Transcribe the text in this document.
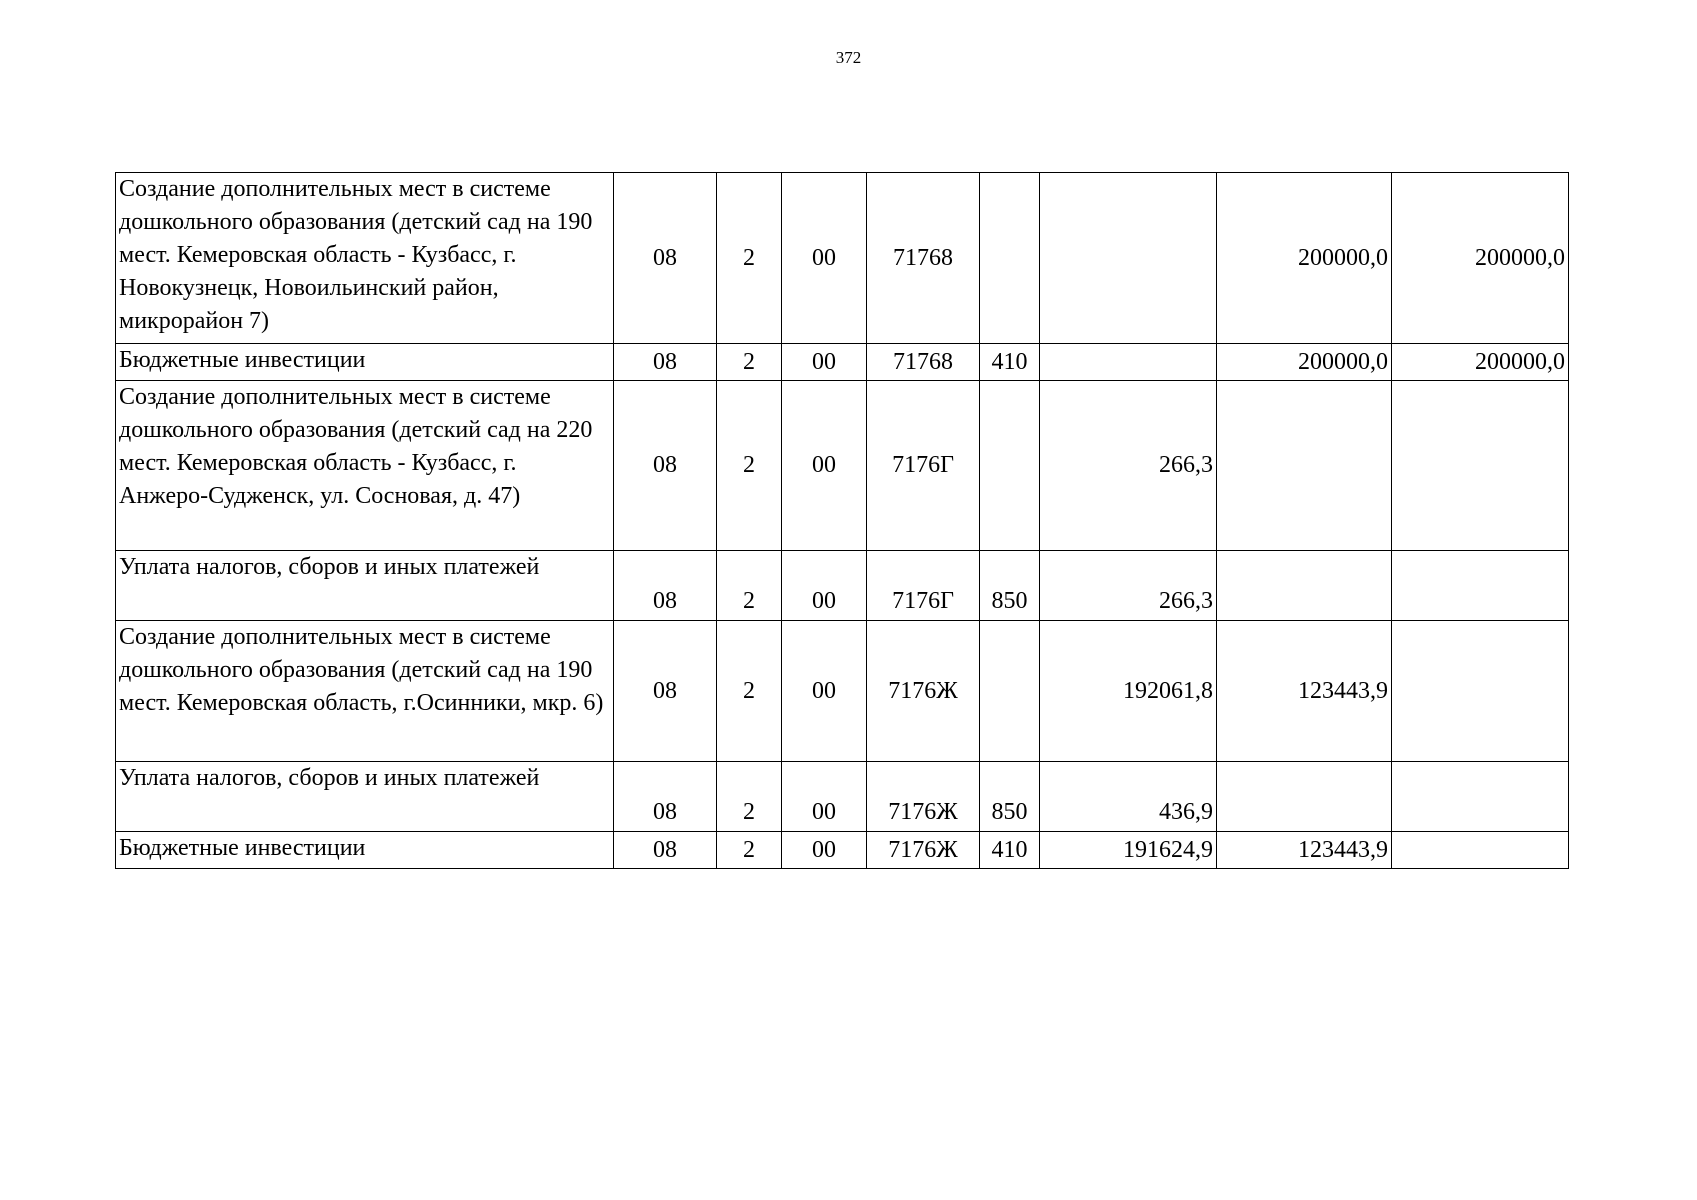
372
Создание дополнительных мест в системе дошкольного образования (детский сад на 190 мест. Кемеровская область - Кузбасс, г. Новокузнецк, Новоильинский район, микрорайон 7)	08	2	00	71768			200000,0	200000,0
Бюджетные инвестиции	08	2	00	71768	410		200000,0	200000,0
Создание дополнительных мест в системе дошкольного образования (детский сад на 220 мест. Кемеровская область - Кузбасс, г. Анжеро-Судженск, ул. Сосновая, д. 47)	08	2	00	7176Г		266,3		
Уплата налогов, сборов и иных платежей	08	2	00	7176Г	850	266,3		
Создание дополнительных мест в системе дошкольного образования (детский сад на 190 мест. Кемеровская область, г.Осинники, мкр. 6)	08	2	00	7176Ж		192061,8	123443,9	
Уплата налогов, сборов и иных платежей	08	2	00	7176Ж	850	436,9		
Бюджетные инвестиции	08	2	00	7176Ж	410	191624,9	123443,9	
